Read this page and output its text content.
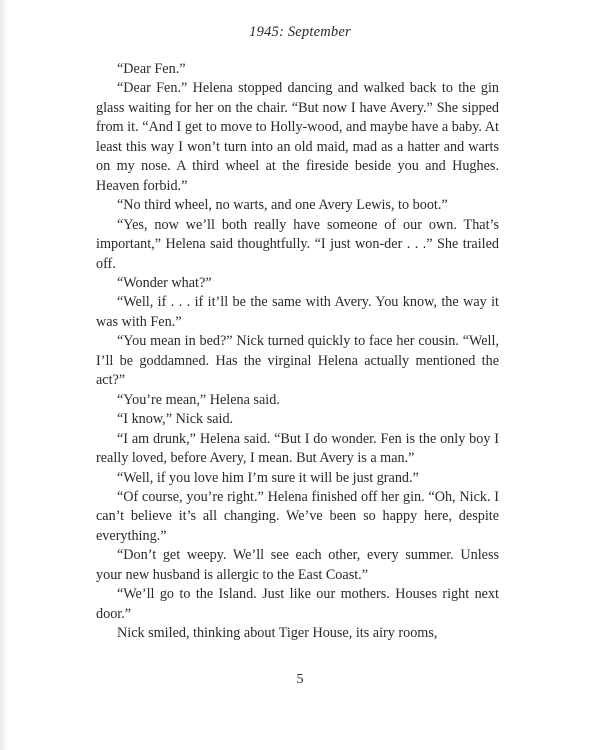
1945: September

“Dear Fen.”

“Dear Fen.” Helena stopped dancing and walked back to the gin glass waiting for her on the chair. “But now I have Avery.” She sipped from it. “And I get to move to Holly-wood, and maybe have a baby. At least this way I won’t turn into an old maid, mad as a hatter and warts on my nose. A third wheel at the fireside beside you and Hughes. Heaven forbid.”

“No third wheel, no warts, and one Avery Lewis, to boot.”

“Yes, now we’ll both really have someone of our own. That’s important,” Helena said thoughtfully. “I just won-der . . .” She trailed off.

“Wonder what?”

“Well, if . . . if it’ll be the same with Avery. You know, the way it was with Fen.”

“You mean in bed?” Nick turned quickly to face her cousin. “Well, I’ll be goddamned. Has the virginal Helena actually mentioned the act?”

“You’re mean,” Helena said.

“I know,” Nick said.

“I am drunk,” Helena said. “But I do wonder. Fen is the only boy I really loved, before Avery, I mean. But Avery is a man.”

“Well, if you love him I’m sure it will be just grand.”

“Of course, you’re right.” Helena finished off her gin. “Oh, Nick. I can’t believe it’s all changing. We’ve been so happy here, despite everything.”

“Don’t get weepy. We’ll see each other, every summer. Unless your new husband is allergic to the East Coast.”

“We’ll go to the Island. Just like our mothers. Houses right next door.”

Nick smiled, thinking about Tiger House, its airy rooms,

5
